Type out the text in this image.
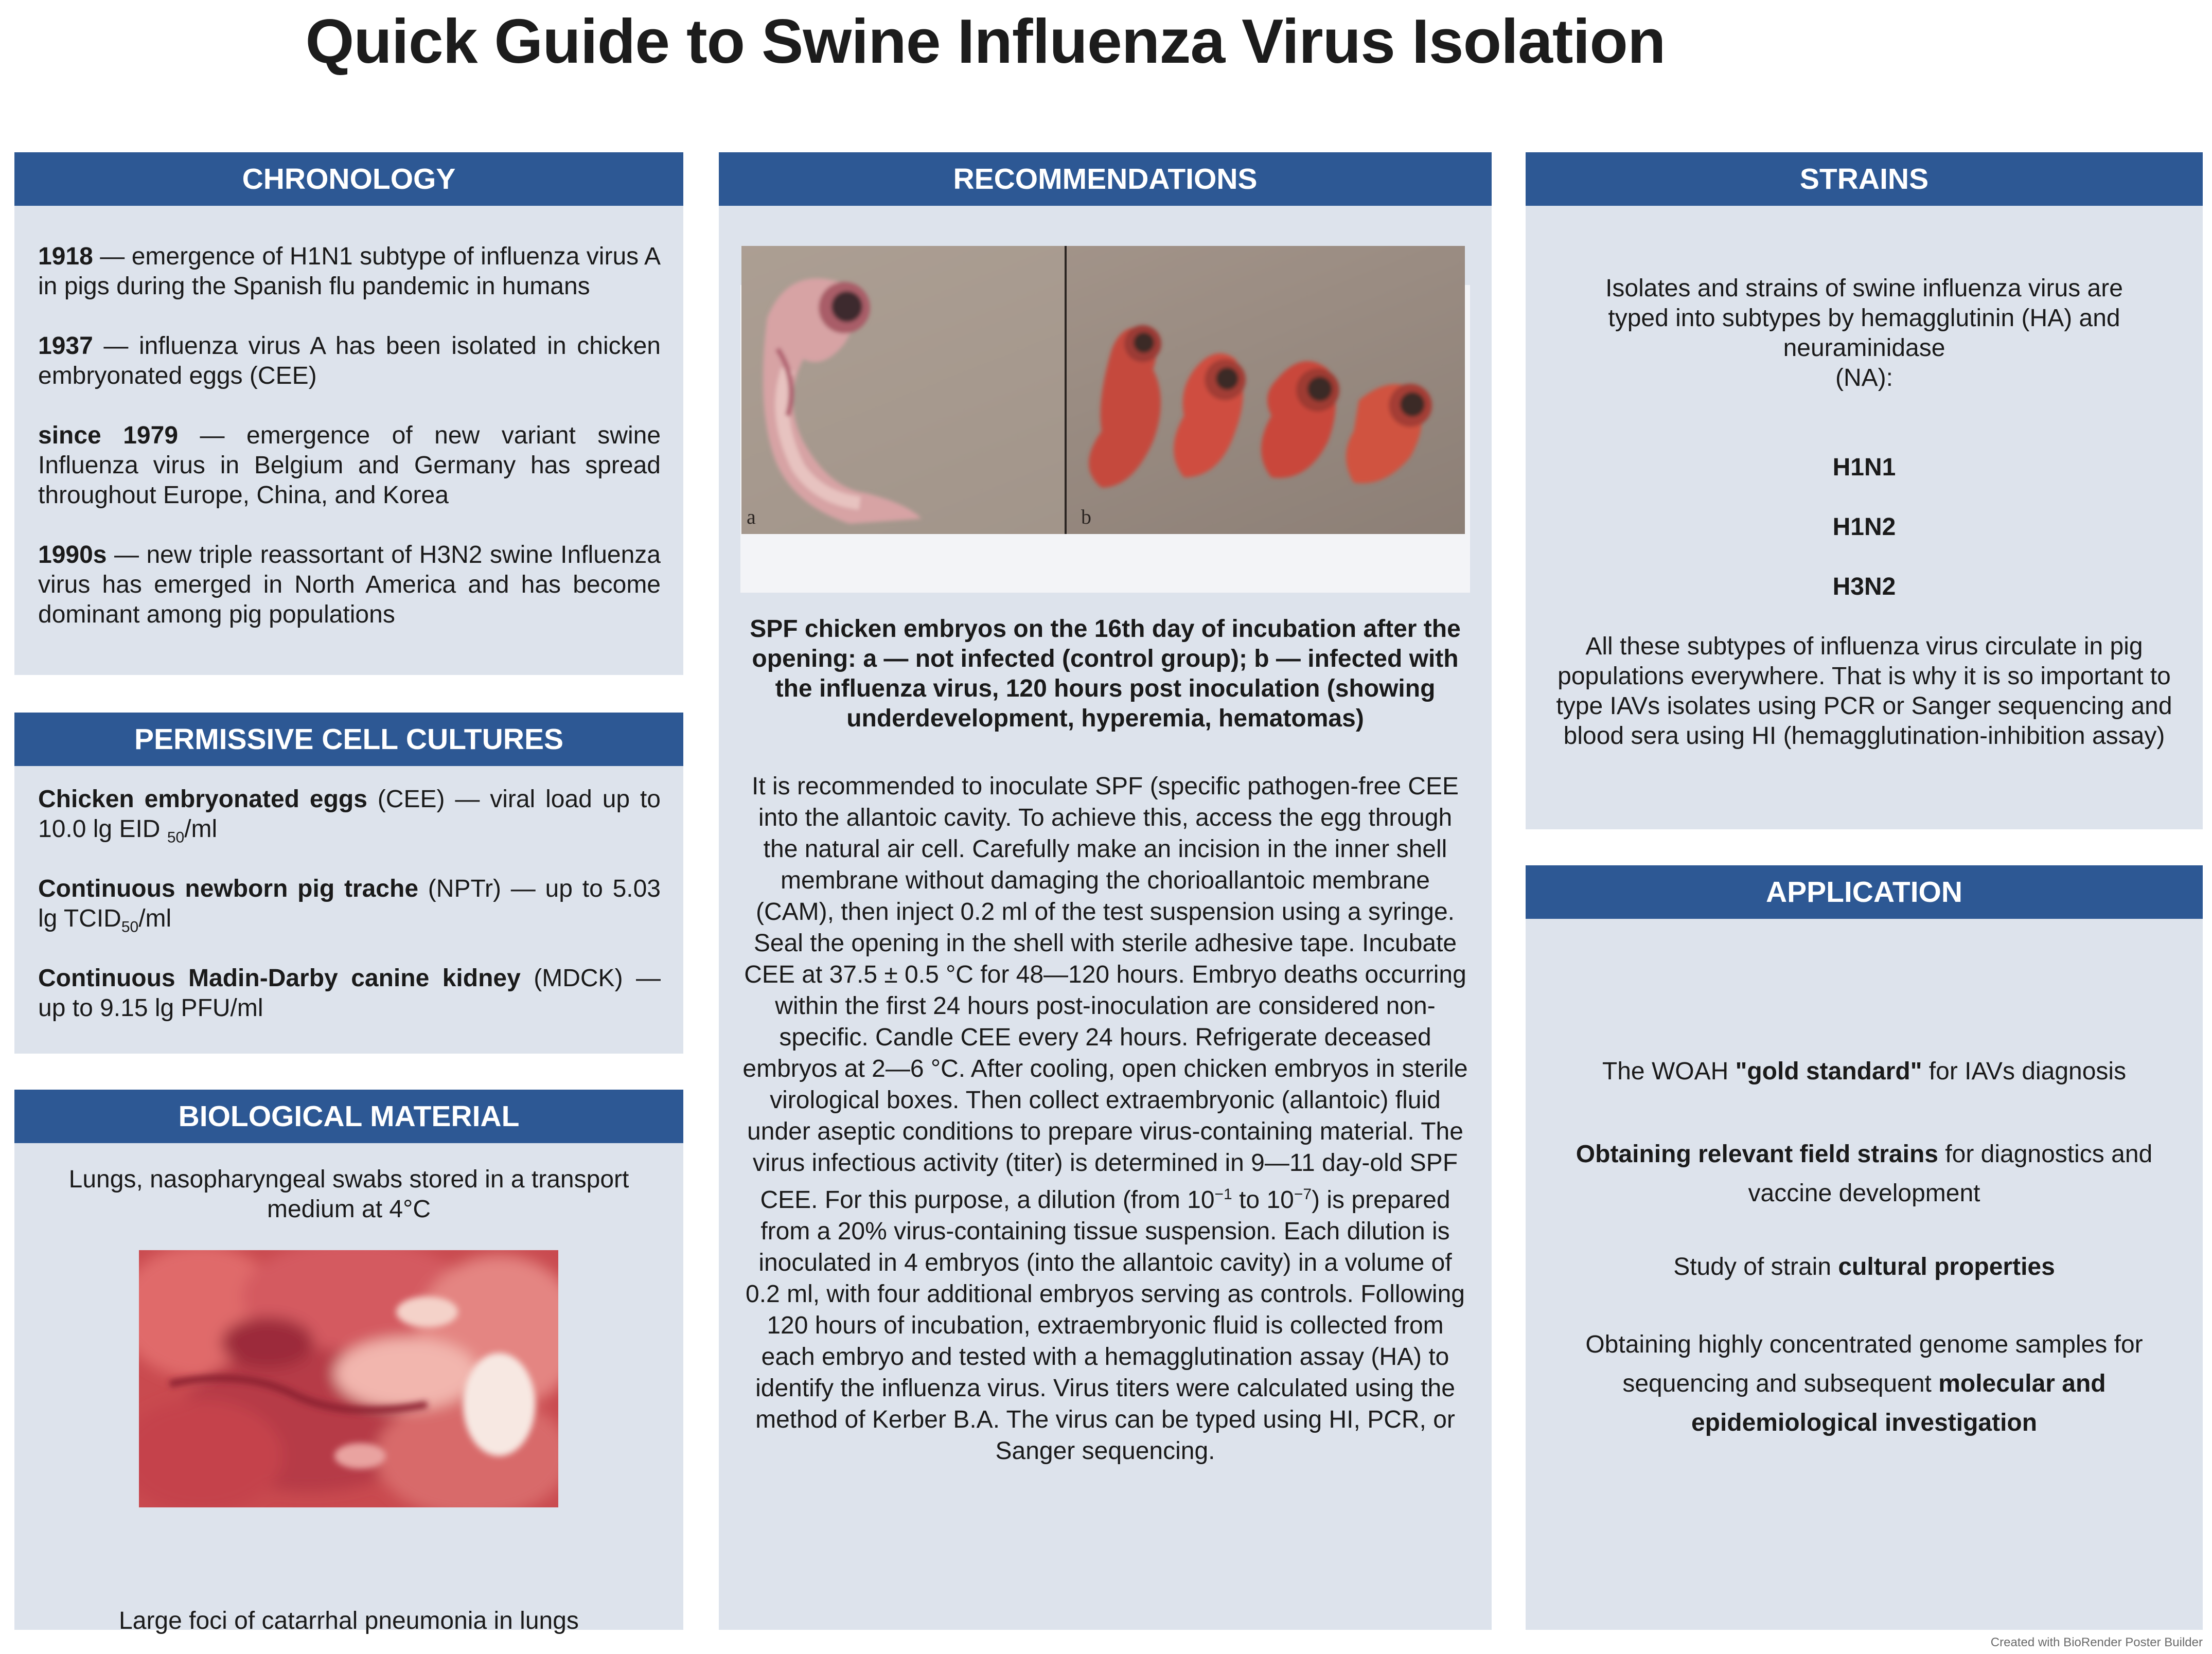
Quick Guide to Swine Influenza Virus Isolation
CHRONOLOGY
1918 — emergence of H1N1 subtype of influenza virus A in pigs during the Spanish flu pandemic in humans
1937 — influenza virus A has been isolated in chicken embryonated eggs (CEE)
since 1979 — emergence of new variant swine Influenza virus in Belgium and Germany has spread throughout Europe, China, and Korea
1990s — new triple reassortant of H3N2 swine Influenza virus has emerged in North America and has become dominant among pig populations
PERMISSIVE CELL CULTURES
Chicken embryonated eggs (CEE) — viral load up to 10.0 lg EID $_{50}$/ml
Continuous newborn pig trache (NPTr) — up to 5.03 $\lg TCID_{50}/ml$
Continuous Madin-Darby canine kidney (MDCK) — up to 9.15 lg PFU/ml
BIOLOGICAL MATERIAL
Lungs, nasopharyngeal swabs stored in a transport medium at 4°C
Large foci of catarrhal pneumonia in lungs
RECOMMENDATIONS
SPF chicken embryos on the 16th day of incubation after the opening: a — not infected (control group); b — infected with the influenza virus, 120 hours post inoculation (showing underdevelopment, hyperemia, hematomas)
It is recommended to inoculate SPF (specific pathogen-free CEE into the allantoic cavity. To achieve this, access the egg through the natural air cell. Carefully make an incision in the inner shell membrane without damaging the chorioallantoic membrane (CAM), then inject 0.2 ml of the test suspension using a syringe. Seal the opening in the shell with sterile adhesive tape. Incubate CEE at 37.5 ± 0.5 °C for 48—120 hours. Embryo deaths occurring within the first 24 hours post-inoculation are considered non-specific. Candle CEE every 24 hours. Refrigerate deceased embryos at 2—6 °C. After cooling, open chicken embryos in sterile virological boxes. Then collect extraembryonic (allantoic) fluid under aseptic conditions to prepare virus-containing material. The virus infectious activity (titer) is determined in 9—11 day-old SPF CEE. For this purpose, a dilution (from $10^{-1}$ to $10^{-7}$) is prepared from a 20% virus-containing tissue suspension. Each dilution is inoculated in 4 embryos (into the allantoic cavity) in a volume of 0.2 ml, with four additional embryos serving as controls. Following 120 hours of incubation, extraembryonic fluid is collected from each embryo and tested with a hemagglutination assay (HA) to identify the influenza virus. Virus titers were calculated using the method of Kerber B.A. The virus can be typed using HI, PCR, or Sanger sequencing.
a	b
STRAINS
Isolates and strains of swine influenza virus are
typed into subtypes by hemagglutinin (HA) and
neuraminidase
(NA):
H1N1
H1N2
H3N2
All these subtypes of influenza virus circulate in pig populations everywhere. That is why it is so important to type IAVs isolates using PCR or Sanger sequencing and blood sera using HI (hemagglutination-inhibition assay)
APPLICATION
The WOAH "gold standard" for IAVs diagnosis
Obtaining relevant field strains for diagnostics and vaccine development
Study of strain cultural properties
Obtaining highly concentrated genome samples for sequencing and subsequent molecular and epidemiological investigation
Created with BioRender Poster Builder
